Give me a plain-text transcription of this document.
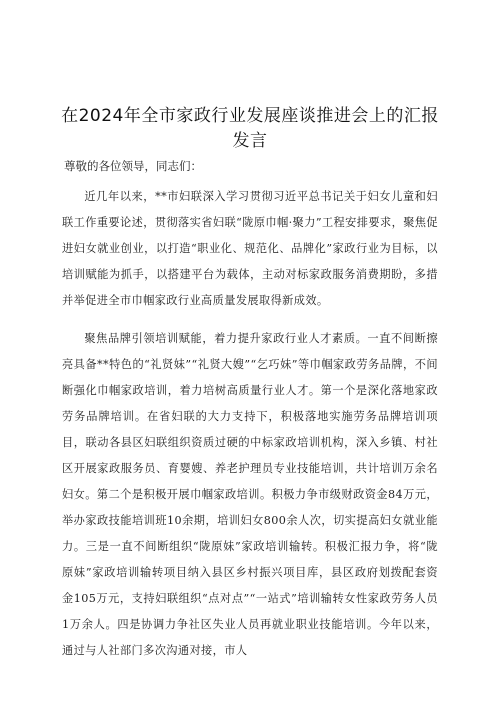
在2024年全市家政行业发展座谈推进会上的汇报发言
尊敬的各位领导，同志们：

近几年以来，**市妇联深入学习贯彻习近平总书记关于妇女儿童和妇联工作重要论述，贯彻落实省妇联“陇原巾帼·聚力”工程安排要求，聚焦促进妇女就业创业，以打造“职业化、规范化、品牌化”家政行业为目标，以培训赋能为抓手，以搭建平台为载体，主动对标家政服务消费期盼，多措并举促进全市巾帼家政行业高质量发展取得新成效。

聚焦品牌引领培训赋能，着力提升家政行业人才素质。一直不间断擦亮具备**特色的“礼贤妹”“礼贤大嫂”“乞巧妹”等巾帼家政劳务品牌，不间断强化巾帼家政培训，着力培树高质量行业人才。第一个是深化落地家政劳务品牌培训。在省妇联的大力支持下，积极落地实施劳务品牌培训项目，联动各县区妇联组织资质过硬的中标家政培训机构，深入乡镇、村社区开展家政服务员、育婴嫂、养老护理员专业技能培训，共计培训万余名妇女。第二个是积极开展巾帼家政培训。积极力争市级财政资金84万元，举办家政技能培训班10余期，培训妇女800余人次，切实提高妇女就业能力。三是一直不间断组织“陇原妹”家政培训输转。积极汇报力争，将“陇原妹”家政培训输转项目纳入县区乡村振兴项目库，县区政府划拨配套资金105万元，支持妇联组织“点对点”“一站式”培训输转女性家政劳务人员1万余人。四是协调力争社区失业人员再就业职业技能培训。今年以来，通过与人社部门多次沟通对接，市人
